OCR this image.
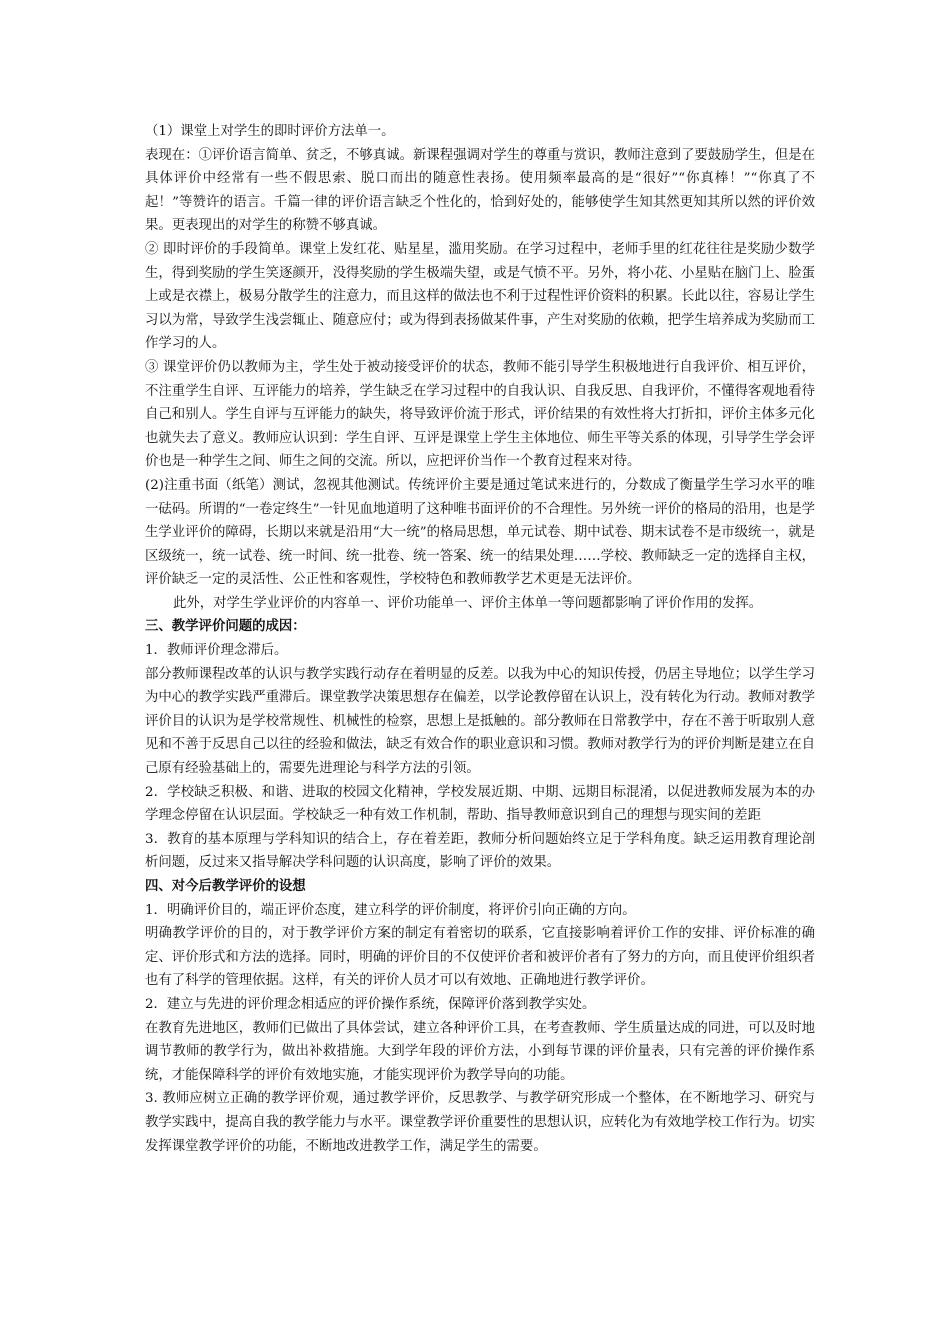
（1）课堂上对学生的即时评价方法单一。

表现在：①评价语言简单、贫乏，不够真诚。新课程强调对学生的尊重与赏识，教师注意到了要鼓励学生，但是在具体评价中经常有一些不假思索、脱口而出的随意性表扬。使用频率最高的是“很好”“你真棒！”“你真了不起！”等赞许的语言。千篇一律的评价语言缺乏个性化的，恰到好处的，能够使学生知其然更知其所以然的评价效果。更表现出的对学生的称赞不够真诚。

② 即时评价的手段简单。课堂上发红花、贴星星，滥用奖励。在学习过程中，老师手里的红花往往是奖励少数学生，得到奖励的学生笑逐颜开，没得奖励的学生极端失望，或是气愤不平。另外，将小花、小星贴在脑门上、脸蛋上或是衣襟上，极易分散学生的注意力，而且这样的做法也不利于过程性评价资料的积累。长此以往，容易让学生习以为常，导致学生浅尝辄止、随意应付；或为得到表扬做某件事，产生对奖励的依赖，把学生培养成为奖励而工作学习的人。

③ 课堂评价仍以教师为主，学生处于被动接受评价的状态，教师不能引导学生积极地进行自我评价、相互评价，不注重学生自评、互评能力的培养，学生缺乏在学习过程中的自我认识、自我反思、自我评价，不懂得客观地看待自己和别人。学生自评与互评能力的缺失，将导致评价流于形式，评价结果的有效性将大打折扣，评价主体多元化也就失去了意义。教师应认识到：学生自评、互评是课堂上学生主体地位、师生平等关系的体现，引导学生学会评价也是一种学生之间、师生之间的交流。所以，应把评价当作一个教育过程来对待。

(2)注重书面（纸笔）测试，忽视其他测试。传统评价主要是通过笔试来进行的，分数成了衡量学生学习水平的唯一砝码。所谓的“一卷定终生”一针见血地道明了这种唯书面评价的不合理性。另外统一评价的格局的沿用，也是学生学业评价的障碍，长期以来就是沿用“大一统”的格局思想，单元试卷、期中试卷、期末试卷不是市级统一，就是区级统一，统一试卷、统一时间、统一批卷、统一答案、统一的结果处理……学校、教师缺乏一定的选择自主权，评价缺乏一定的灵活性、公正性和客观性，学校特色和教师教学艺术更是无法评价。

此外，对学生学业评价的内容单一、评价功能单一、评价主体单一等问题都影响了评价作用的发挥。

三、教学评价问题的成因：

1．教师评价理念滞后。

部分教师课程改革的认识与教学实践行动存在着明显的反差。以我为中心的知识传授，仍居主导地位；以学生学习为中心的教学实践严重滞后。课堂教学决策思想存在偏差，以学论教停留在认识上，没有转化为行动。教师对教学评价目的认识为是学校常规性、机械性的检察，思想上是抵触的。部分教师在日常教学中，存在不善于听取别人意见和不善于反思自己以往的经验和做法，缺乏有效合作的职业意识和习惯。教师对教学行为的评价判断是建立在自己原有经验基础上的，需要先进理论与科学方法的引领。

2．学校缺乏积极、和谐、进取的校园文化精神，学校发展近期、中期、远期目标混淆，以促进教师发展为本的办学理念停留在认识层面。学校缺乏一种有效工作机制，帮助、指导教师意识到自己的理想与现实间的差距

3．教育的基本原理与学科知识的结合上，存在着差距，教师分析问题始终立足于学科角度。缺乏运用教育理论剖析问题，反过来又指导解决学科问题的认识高度，影响了评价的效果。

四、对今后教学评价的设想

1．明确评价目的，端正评价态度，建立科学的评价制度，将评价引向正确的方向。

明确教学评价的目的，对于教学评价方案的制定有着密切的联系，它直接影响着评价工作的安排、评价标准的确定、评价形式和方法的选择。同时，明确的评价目的不仅使评价者和被评价者有了努力的方向，而且使评价组织者也有了科学的管理依据。这样，有关的评价人员才可以有效地、正确地进行教学评价。

2．建立与先进的评价理念相适应的评价操作系统，保障评价落到教学实处。

在教育先进地区，教师们已做出了具体尝试，建立各种评价工具，在考查教师、学生质量达成的同进，可以及时地调节教师的教学行为，做出补救措施。大到学年段的评价方法，小到每节课的评价量表，只有完善的评价操作系统，才能保障科学的评价有效地实施，才能实现评价为教学导向的功能。

3. 教师应树立正确的教学评价观，通过教学评价，反思教学、与教学研究形成一个整体，在不断地学习、研究与教学实践中，提高自我的教学能力与水平。课堂教学评价重要性的思想认识，应转化为有效地学校工作行为。切实发挥课堂教学评价的功能，不断地改进教学工作，满足学生的需要。
